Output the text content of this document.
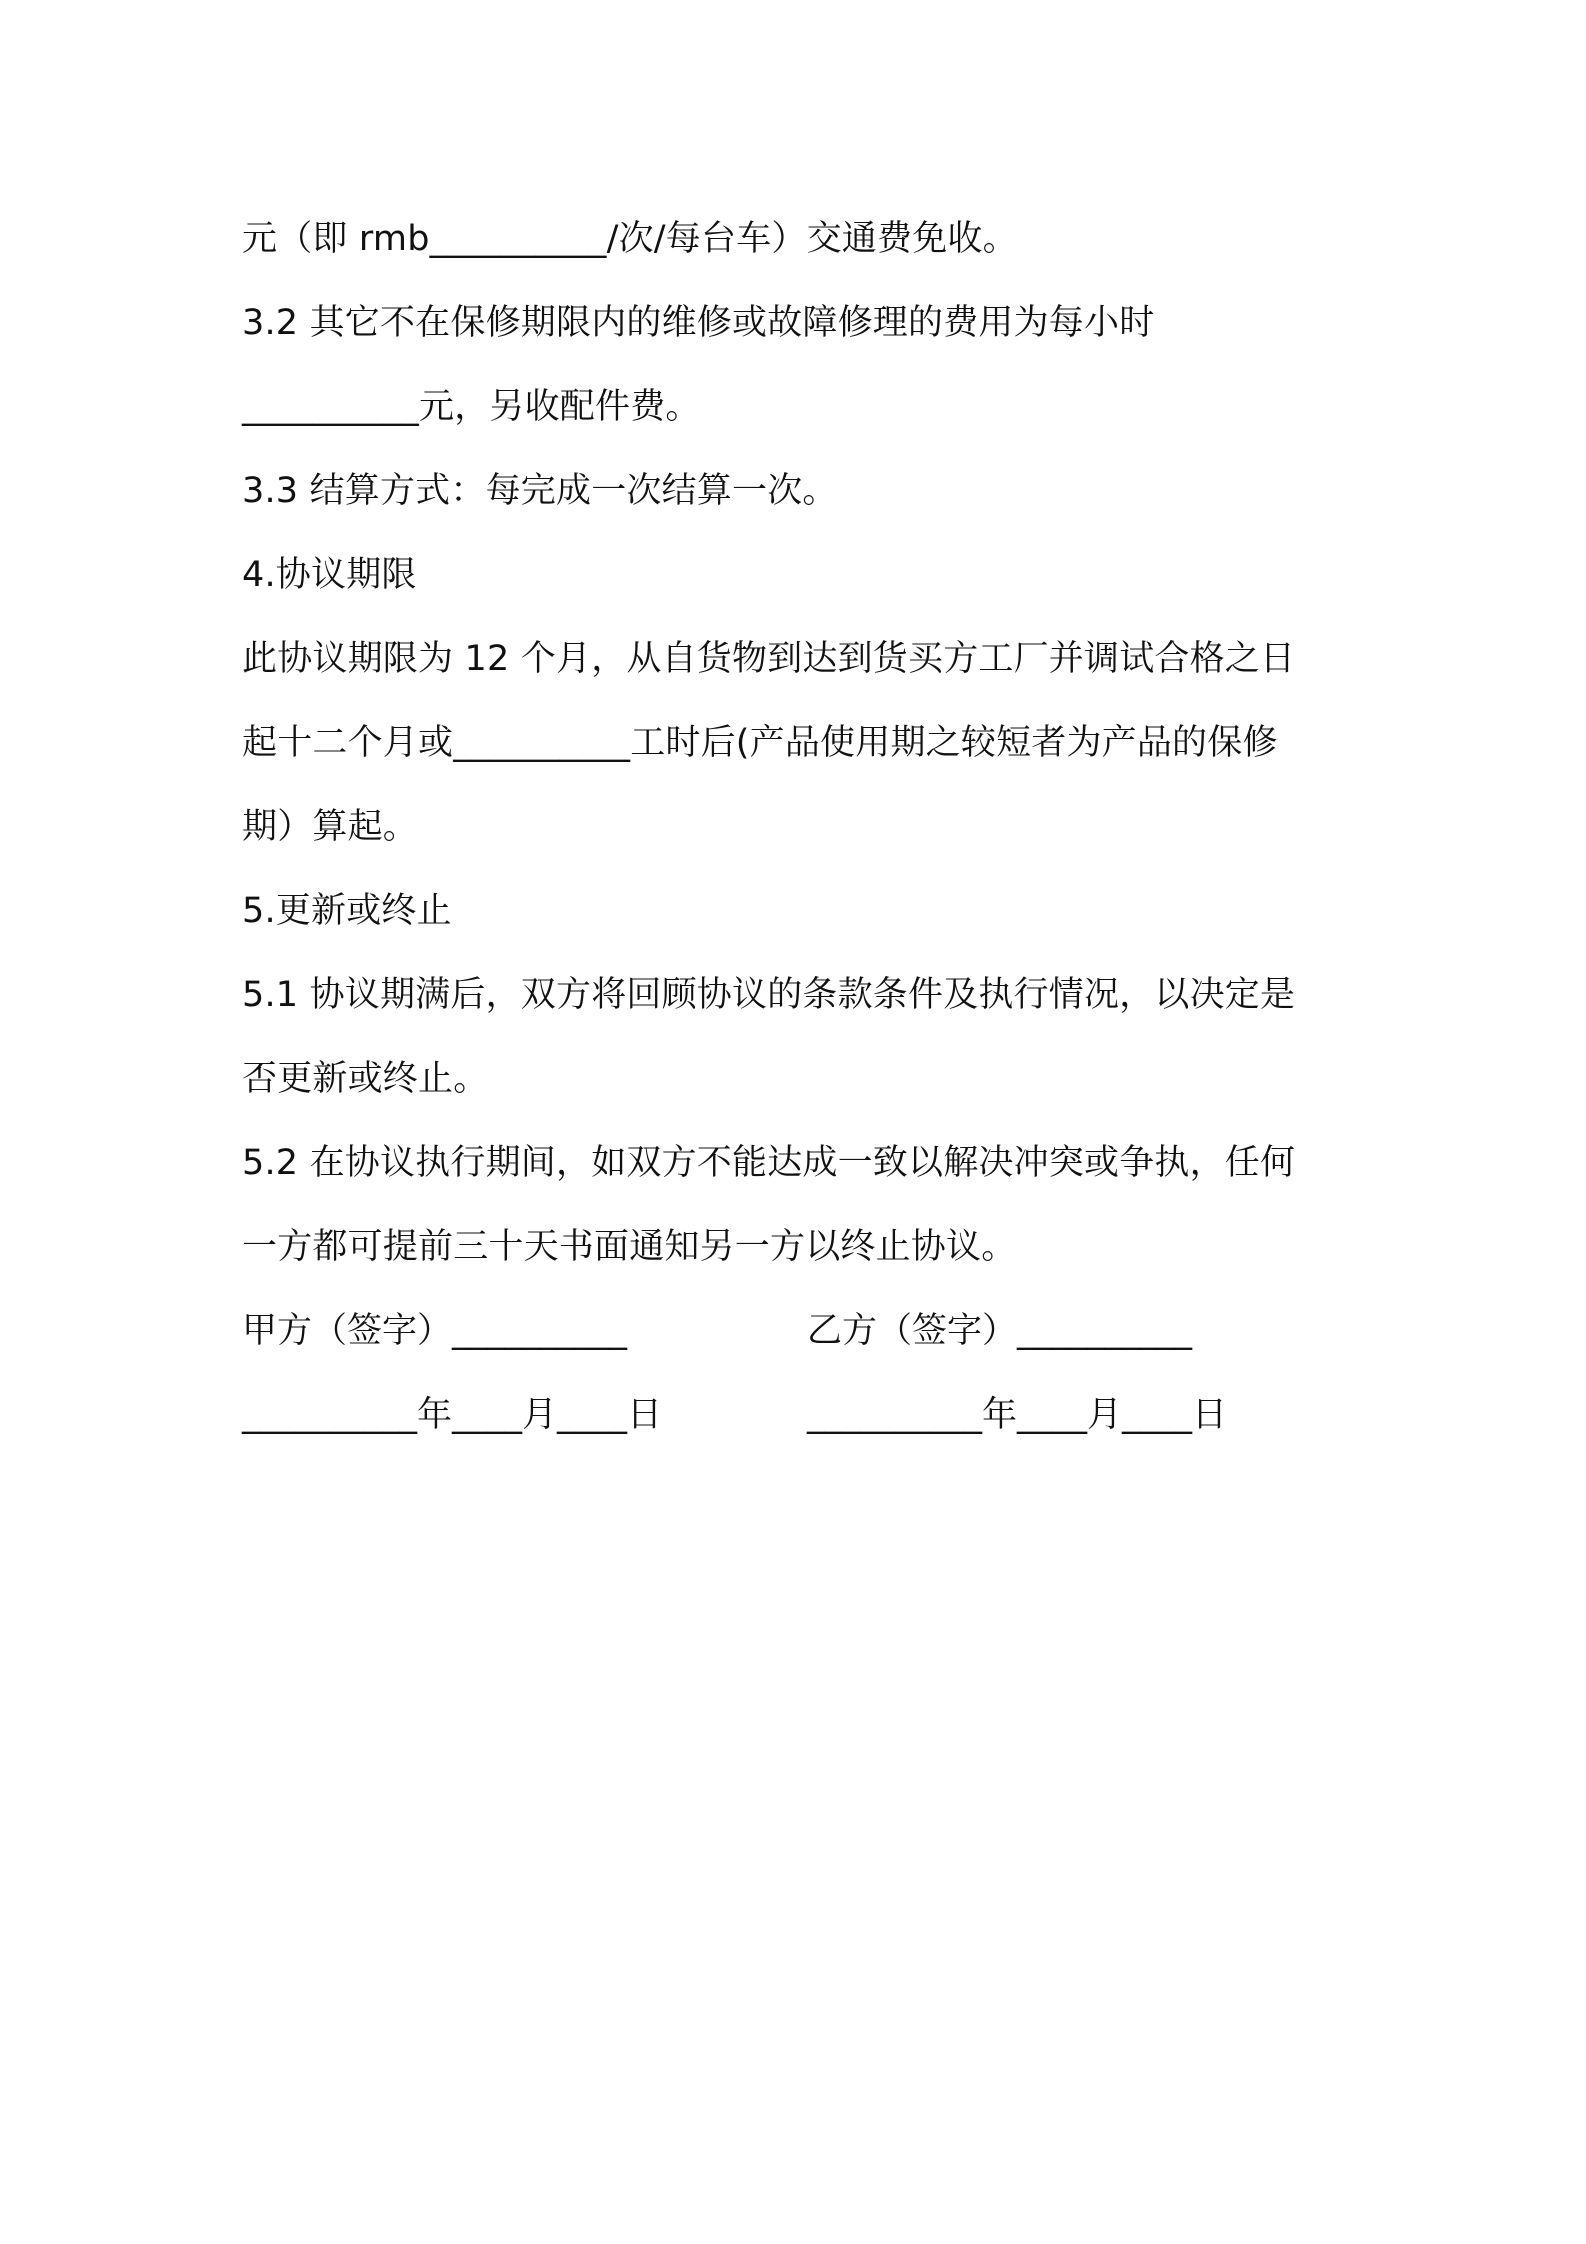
元（即 rmb__________/次/每台车）交通费免收。
3.2 其它不在保修期限内的维修或故障修理的费用为每小时
__________元，另收配件费。
3.3 结算方式：每完成一次结算一次。
4.协议期限
此协议期限为 12 个月，从自货物到达到货买方工厂并调试合格之日
起十二个月或__________工时后(产品使用期之较短者为产品的保修
期）算起。
5.更新或终止
5.1 协议期满后，双方将回顾协议的条款条件及执行情况，以决定是
否更新或终止。
5.2 在协议执行期间，如双方不能达成一致以解决冲突或争执，任何
一方都可提前三十天书面通知另一方以终止协议。
甲方（签字）__________	乙方（签字）__________
__________年____月____日	__________年____月____日
